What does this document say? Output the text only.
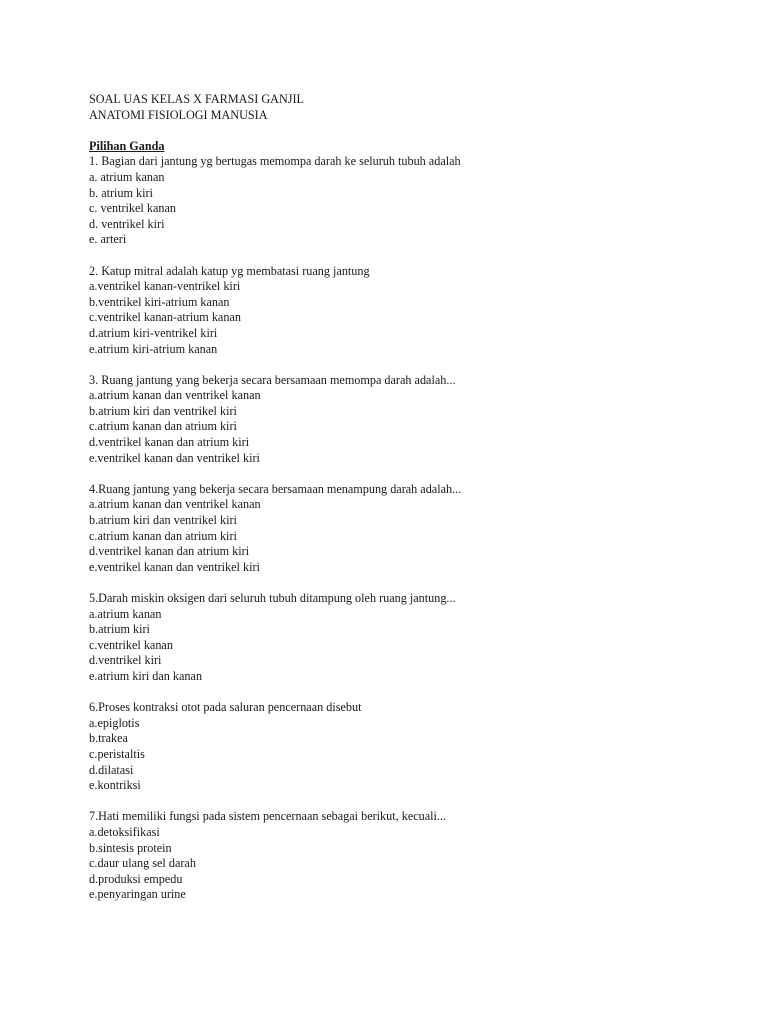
SOAL UAS KELAS X FARMASI GANJIL

ANATOMI FISIOLOGI MANUSIA

Pilihan Ganda

1. Bagian dari jantung yg bertugas memompa darah ke seluruh tubuh adalah

a. atrium kanan

b. atrium kiri

c. ventrikel kanan

d. ventrikel kiri

e. arteri

2. Katup mitral adalah katup yg membatasi ruang jantung

a.ventrikel kanan-ventrikel kiri

b.ventrikel kiri-atrium kanan

c.ventrikel kanan-atrium kanan

d.atrium kiri-ventrikel kiri

e.atrium kiri-atrium kanan

3. Ruang jantung yang bekerja secara bersamaan memompa darah adalah...

a.atrium kanan dan ventrikel kanan

b.atrium kiri dan ventrikel kiri

c.atrium kanan dan atrium kiri

d.ventrikel kanan dan atrium kiri

e.ventrikel kanan dan ventrikel kiri

4.Ruang jantung yang bekerja secara bersamaan menampung darah adalah...

a.atrium kanan dan ventrikel kanan

b.atrium kiri dan ventrikel kiri

c.atrium kanan dan atrium kiri

d.ventrikel kanan dan atrium kiri

e.ventrikel kanan dan ventrikel kiri

5.Darah miskin oksigen dari seluruh tubuh ditampung oleh ruang jantung...

a.atrium kanan

b.atrium kiri

c.ventrikel kanan

d.ventrikel kiri

e.atrium kiri dan kanan

6.Proses kontraksi otot pada saluran pencernaan disebut

a.epiglotis

b.trakea

c.peristaltis

d.dilatasi

e.kontriksi

7.Hati memiliki fungsi pada sistem pencernaan sebagai berikut, kecuali...

a.detoksifikasi

b.sintesis protein

c.daur ulang sel darah

d.produksi empedu

e.penyaringan urine
